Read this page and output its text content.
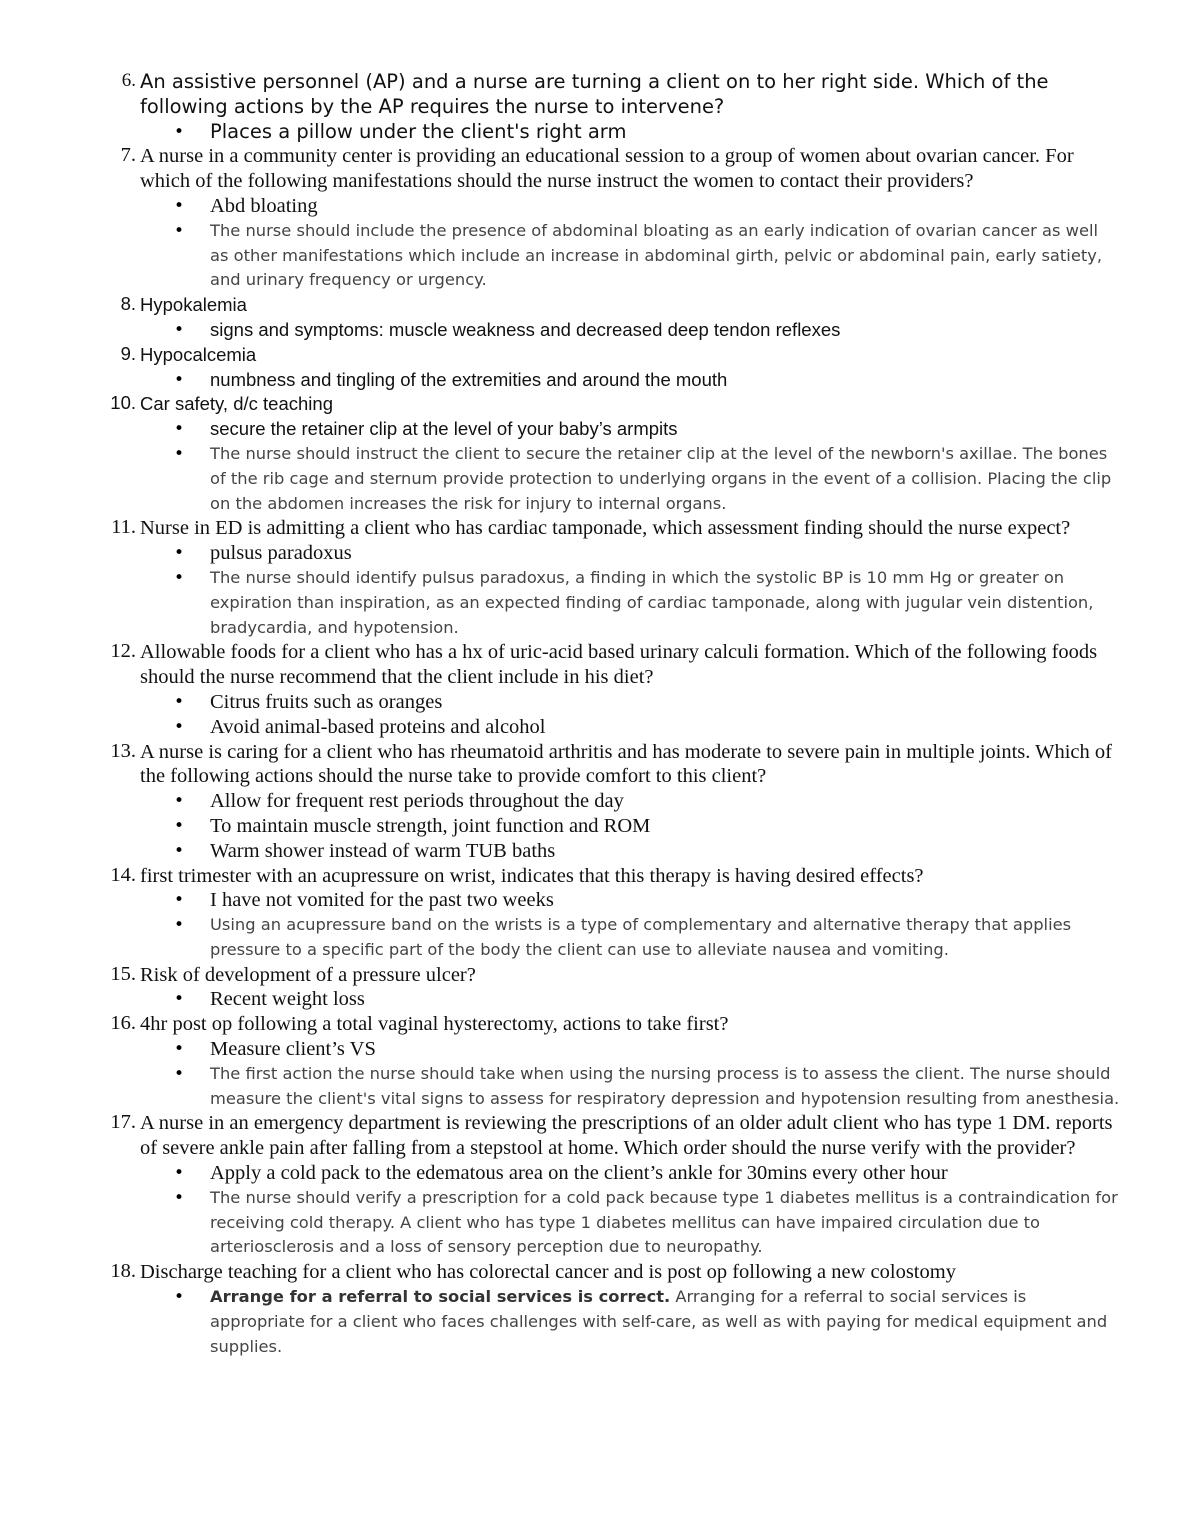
6. An assistive personnel (AP) and a nurse are turning a client on to her right side. Which of the following actions by the AP requires the nurse to intervene?
• Places a pillow under the client's right arm
7. A nurse in a community center is providing an educational session to a group of women about ovarian cancer. For which of the following manifestations should the nurse instruct the women to contact their providers?
• Abd bloating
• The nurse should include the presence of abdominal bloating as an early indication of ovarian cancer as well as other manifestations which include an increase in abdominal girth, pelvic or abdominal pain, early satiety, and urinary frequency or urgency.
8. Hypokalemia
• signs and symptoms: muscle weakness and decreased deep tendon reflexes
9. Hypocalcemia
• numbness and tingling of the extremities and around the mouth
10. Car safety, d/c teaching
• secure the retainer clip at the level of your baby’s armpits
• The nurse should instruct the client to secure the retainer clip at the level of the newborn's axillae. The bones of the rib cage and sternum provide protection to underlying organs in the event of a collision. Placing the clip on the abdomen increases the risk for injury to internal organs.
11. Nurse in ED is admitting a client who has cardiac tamponade, which assessment finding should the nurse expect?
• pulsus paradoxus
• The nurse should identify pulsus paradoxus, a finding in which the systolic BP is 10 mm Hg or greater on expiration than inspiration, as an expected finding of cardiac tamponade, along with jugular vein distention, bradycardia, and hypotension.
12. Allowable foods for a client who has a hx of uric-acid based urinary calculi formation. Which of the following foods should the nurse recommend that the client include in his diet?
• Citrus fruits such as oranges
• Avoid animal-based proteins and alcohol
13. A nurse is caring for a client who has rheumatoid arthritis and has moderate to severe pain in multiple joints. Which of the following actions should the nurse take to provide comfort to this client?
• Allow for frequent rest periods throughout the day
• To maintain muscle strength, joint function and ROM
• Warm shower instead of warm TUB baths
14. first trimester with an acupressure on wrist, indicates that this therapy is having desired effects?
• I have not vomited for the past two weeks
• Using an acupressure band on the wrists is a type of complementary and alternative therapy that applies pressure to a specific part of the body the client can use to alleviate nausea and vomiting.
15. Risk of development of a pressure ulcer?
• Recent weight loss
16. 4hr post op following a total vaginal hysterectomy, actions to take first?
• Measure client’s VS
• The first action the nurse should take when using the nursing process is to assess the client. The nurse should measure the client's vital signs to assess for respiratory depression and hypotension resulting from anesthesia.
17. A nurse in an emergency department is reviewing the prescriptions of an older adult client who has type 1 DM. reports of severe ankle pain after falling from a stepstool at home. Which order should the nurse verify with the provider?
• Apply a cold pack to the edematous area on the client’s ankle for 30mins every other hour
• The nurse should verify a prescription for a cold pack because type 1 diabetes mellitus is a contraindication for receiving cold therapy. A client who has type 1 diabetes mellitus can have impaired circulation due to arteriosclerosis and a loss of sensory perception due to neuropathy.
18. Discharge teaching for a client who has colorectal cancer and is post op following a new colostomy
• Arrange for a referral to social services is correct. Arranging for a referral to social services is appropriate for a client who faces challenges with self-care, as well as with paying for medical equipment and supplies.
